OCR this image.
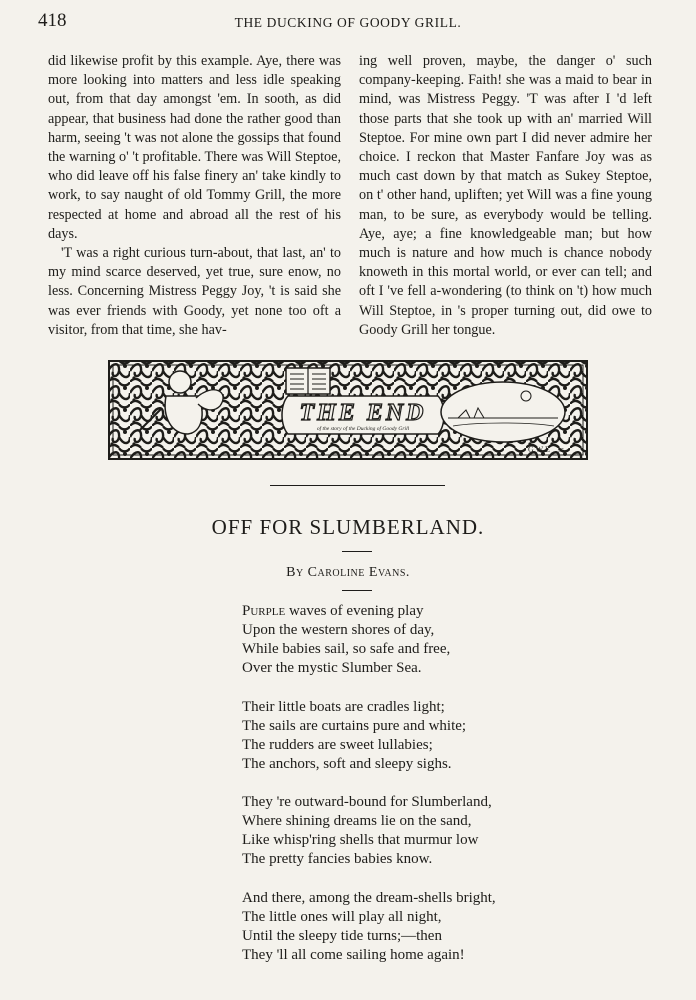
418	THE DUCKING OF GOODY GRILL.

did likewise profit by this example. Aye, there was more looking into matters and less idle speaking out, from that day amongst 'em. In sooth, as did appear, that business had done the rather good than harm, seeing 't was not alone the gossips that found the warning o' 't profitable. There was Will Steptoe, who did leave off his false finery an' take kindly to work, to say naught of old Tommy Grill, the more respected at home and abroad all the rest of his days.

'T was a right curious turn-about, that last, an' to my mind scarce deserved, yet true, sure enow, no less. Concerning Mistress Peggy Joy, 't is said she was ever friends with Goody, yet none too oft a visitor, from that time, she hav-

ing well proven, maybe, the danger o' such company-keeping. Faith! she was a maid to bear in mind, was Mistress Peggy. 'T was after I 'd left those parts that she took up with an' married Will Steptoe. For mine own part I did never admire her choice. I reckon that Master Fanfare Joy was as much cast down by that match as Sukey Steptoe, on t' other hand, upliften; yet Will was a fine young man, to be sure, as everybody would be telling. Aye, aye; a fine knowledgeable man; but how much is nature and how much is chance nobody knoweth in this mortal world, or ever can tell; and oft I 've fell a-wondering (to think on 't) how much Will Steptoe, in 's proper turning out, did owe to Goody Grill her tongue.

THE END
of the story of the Ducking of Goody Grill
G W E 95
OFF FOR SLUMBERLAND.
By Caroline Evans.
Purple waves of evening play
Upon the western shores of day,
While babies sail, so safe and free,
Over the mystic Slumber Sea.
Their little boats are cradles light;
The sails are curtains pure and white;
The rudders are sweet lullabies;
The anchors, soft and sleepy sighs.
They 're outward-bound for Slumberland,
Where shining dreams lie on the sand,
Like whisp'ring shells that murmur low
The pretty fancies babies know.
And there, among the dream-shells bright,
The little ones will play all night,
Until the sleepy tide turns;—then
They 'll all come sailing home again!
